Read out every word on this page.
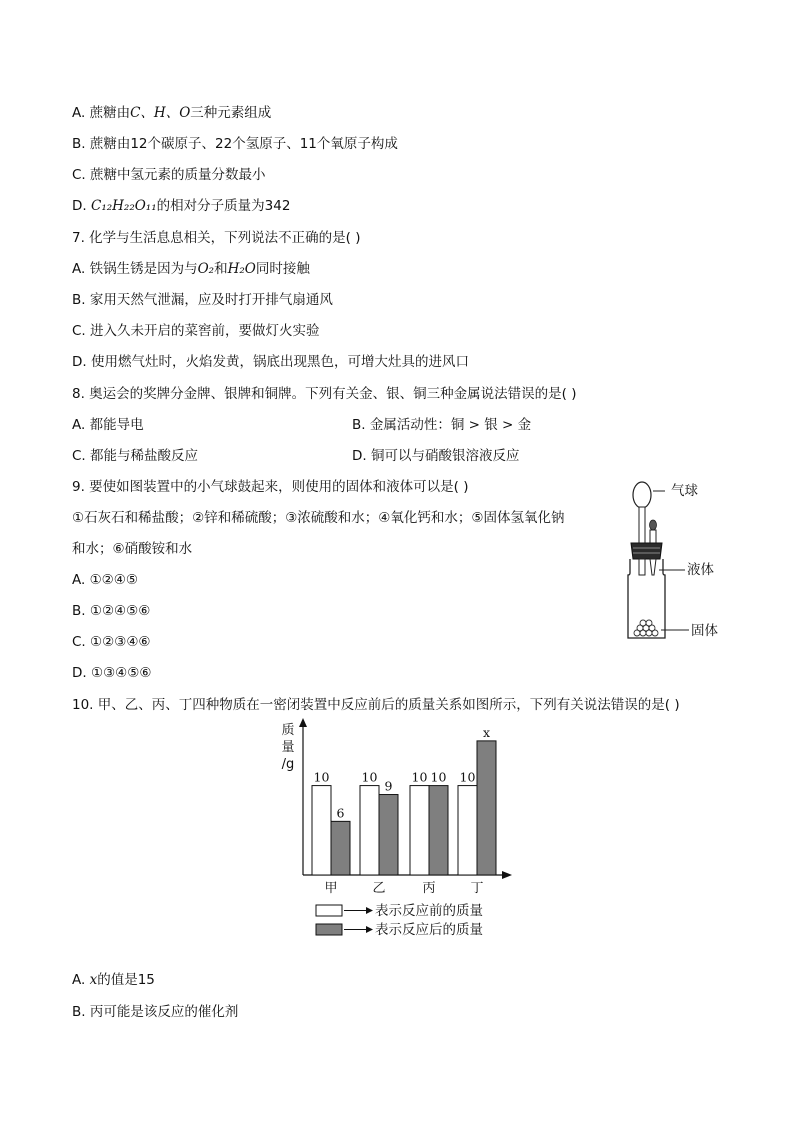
A. 蔗糖由C、H、O三种元素组成
B. 蔗糖由12个碳原子、22个氢原子、11个氧原子构成
C. 蔗糖中氢元素的质量分数最小
D. C₁₂H₂₂O₁₁的相对分子质量为342
7. 化学与生活息息相关，下列说法不正确的是( )
A. 铁锅生锈是因为与O₂和H₂O同时接触
B. 家用天然气泄漏，应及时打开排气扇通风
C. 进入久未开启的菜窖前，要做灯火实验
D. 使用燃气灶时，火焰发黄，锅底出现黑色，可增大灶具的进风口
8. 奥运会的奖牌分金牌、银牌和铜牌。下列有关金、银、铜三种金属说法错误的是( )
A. 都能导电	B. 金属活动性：铜 > 银 > 金
C. 都能与稀盐酸反应	D. 铜可以与硝酸银溶液反应
9. 要使如图装置中的小气球鼓起来，则使用的固体和液体可以是( )
①石灰石和稀盐酸；②锌和稀硫酸；③浓硫酸和水；④氧化钙和水；⑤固体氢氧化钠
和水；⑥硝酸铵和水
A. ①②④⑤
B. ①②④⑤⑥
C. ①②③④⑥
D. ①③④⑤⑥
气球
液体
固体
10. 甲、乙、丙、丁四种物质在一密闭装置中反应前后的质量关系如图所示，下列有关说法错误的是( )
质量/g
10
6
甲
10
9
乙
10 10
丙
10
x
丁
表示反应前的质量
表示反应后的质量
A. x的值是15
B. 丙可能是该反应的催化剂
